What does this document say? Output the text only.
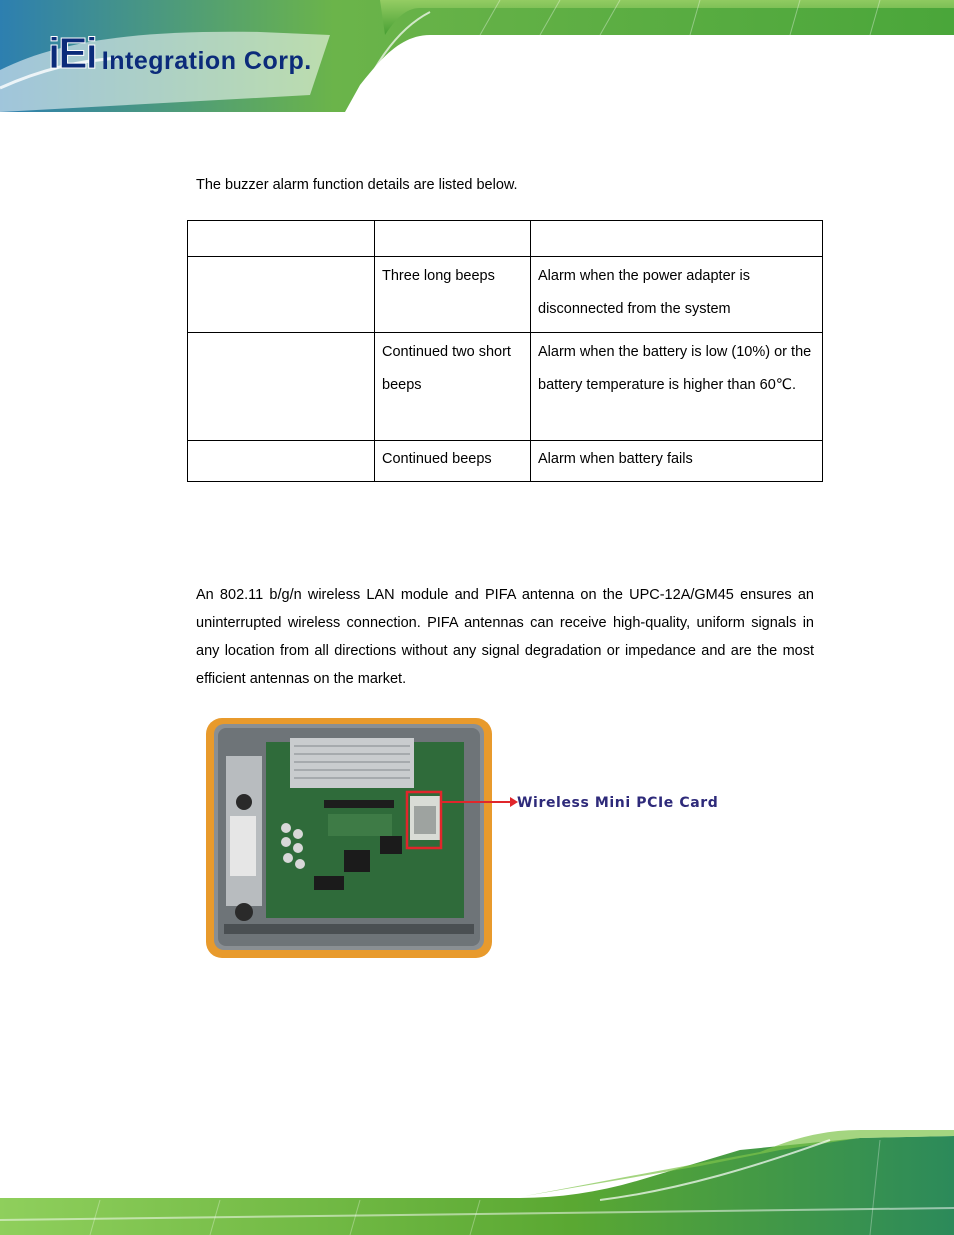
iEi Integration Corp.
The buzzer alarm function details are listed below.

	Three long beeps	Alarm when the power adapter is disconnected from the system
	Continued two short beeps	Alarm when the battery is low (10%) or the battery temperature is higher than 60℃.
	Continued beeps	Alarm when battery fails
An 802.11 b/g/n wireless LAN module and PIFA antenna on the UPC-12A/GM45 ensures an uninterrupted wireless connection. PIFA antennas can receive high-quality, uniform signals in any location from all directions without any signal degradation or impedance and are the most efficient antennas on the market.
Wireless Mini PCIe Card
